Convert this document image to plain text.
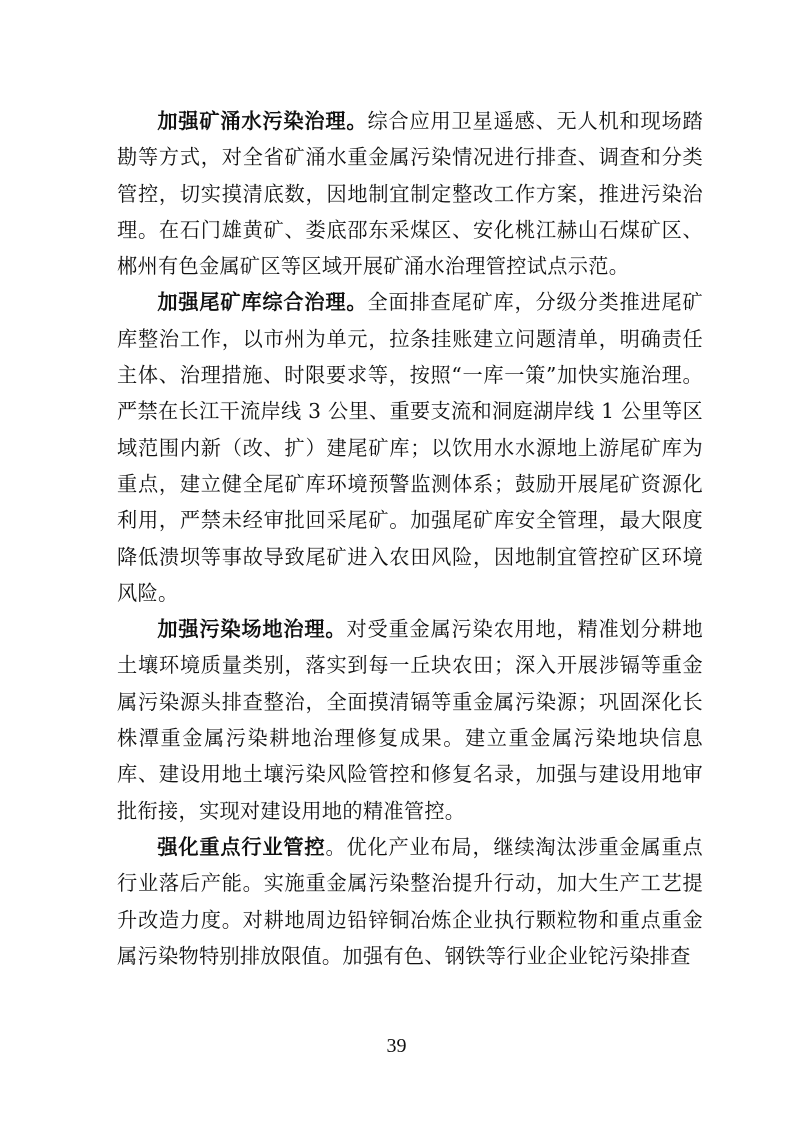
加强矿涌水污染治理。综合应用卫星遥感、无人机和现场踏勘等方式，对全省矿涌水重金属污染情况进行排查、调查和分类管控，切实摸清底数，因地制宜制定整改工作方案，推进污染治理。在石门雄黄矿、娄底邵东采煤区、安化桃江赫山石煤矿区、郴州有色金属矿区等区域开展矿涌水治理管控试点示范。

加强尾矿库综合治理。全面排查尾矿库，分级分类推进尾矿库整治工作，以市州为单元，拉条挂账建立问题清单，明确责任主体、治理措施、时限要求等，按照“一库一策”加快实施治理。严禁在长江干流岸线 3 公里、重要支流和洞庭湖岸线 1 公里等区域范围内新（改、扩）建尾矿库；以饮用水水源地上游尾矿库为重点，建立健全尾矿库环境预警监测体系；鼓励开展尾矿资源化利用，严禁未经审批回采尾矿。加强尾矿库安全管理，最大限度降低溃坝等事故导致尾矿进入农田风险，因地制宜管控矿区环境风险。

加强污染场地治理。对受重金属污染农用地，精准划分耕地土壤环境质量类别，落实到每一丘块农田；深入开展涉镉等重金属污染源头排查整治，全面摸清镉等重金属污染源；巩固深化长株潭重金属污染耕地治理修复成果。建立重金属污染地块信息库、建设用地土壤污染风险管控和修复名录，加强与建设用地审批衔接，实现对建设用地的精准管控。

强化重点行业管控。优化产业布局，继续淘汰涉重金属重点行业落后产能。实施重金属污染整治提升行动，加大生产工艺提升改造力度。对耕地周边铅锌铜冶炼企业执行颗粒物和重点重金属污染物特别排放限值。加强有色、钢铁等行业企业铊污染排查

39
